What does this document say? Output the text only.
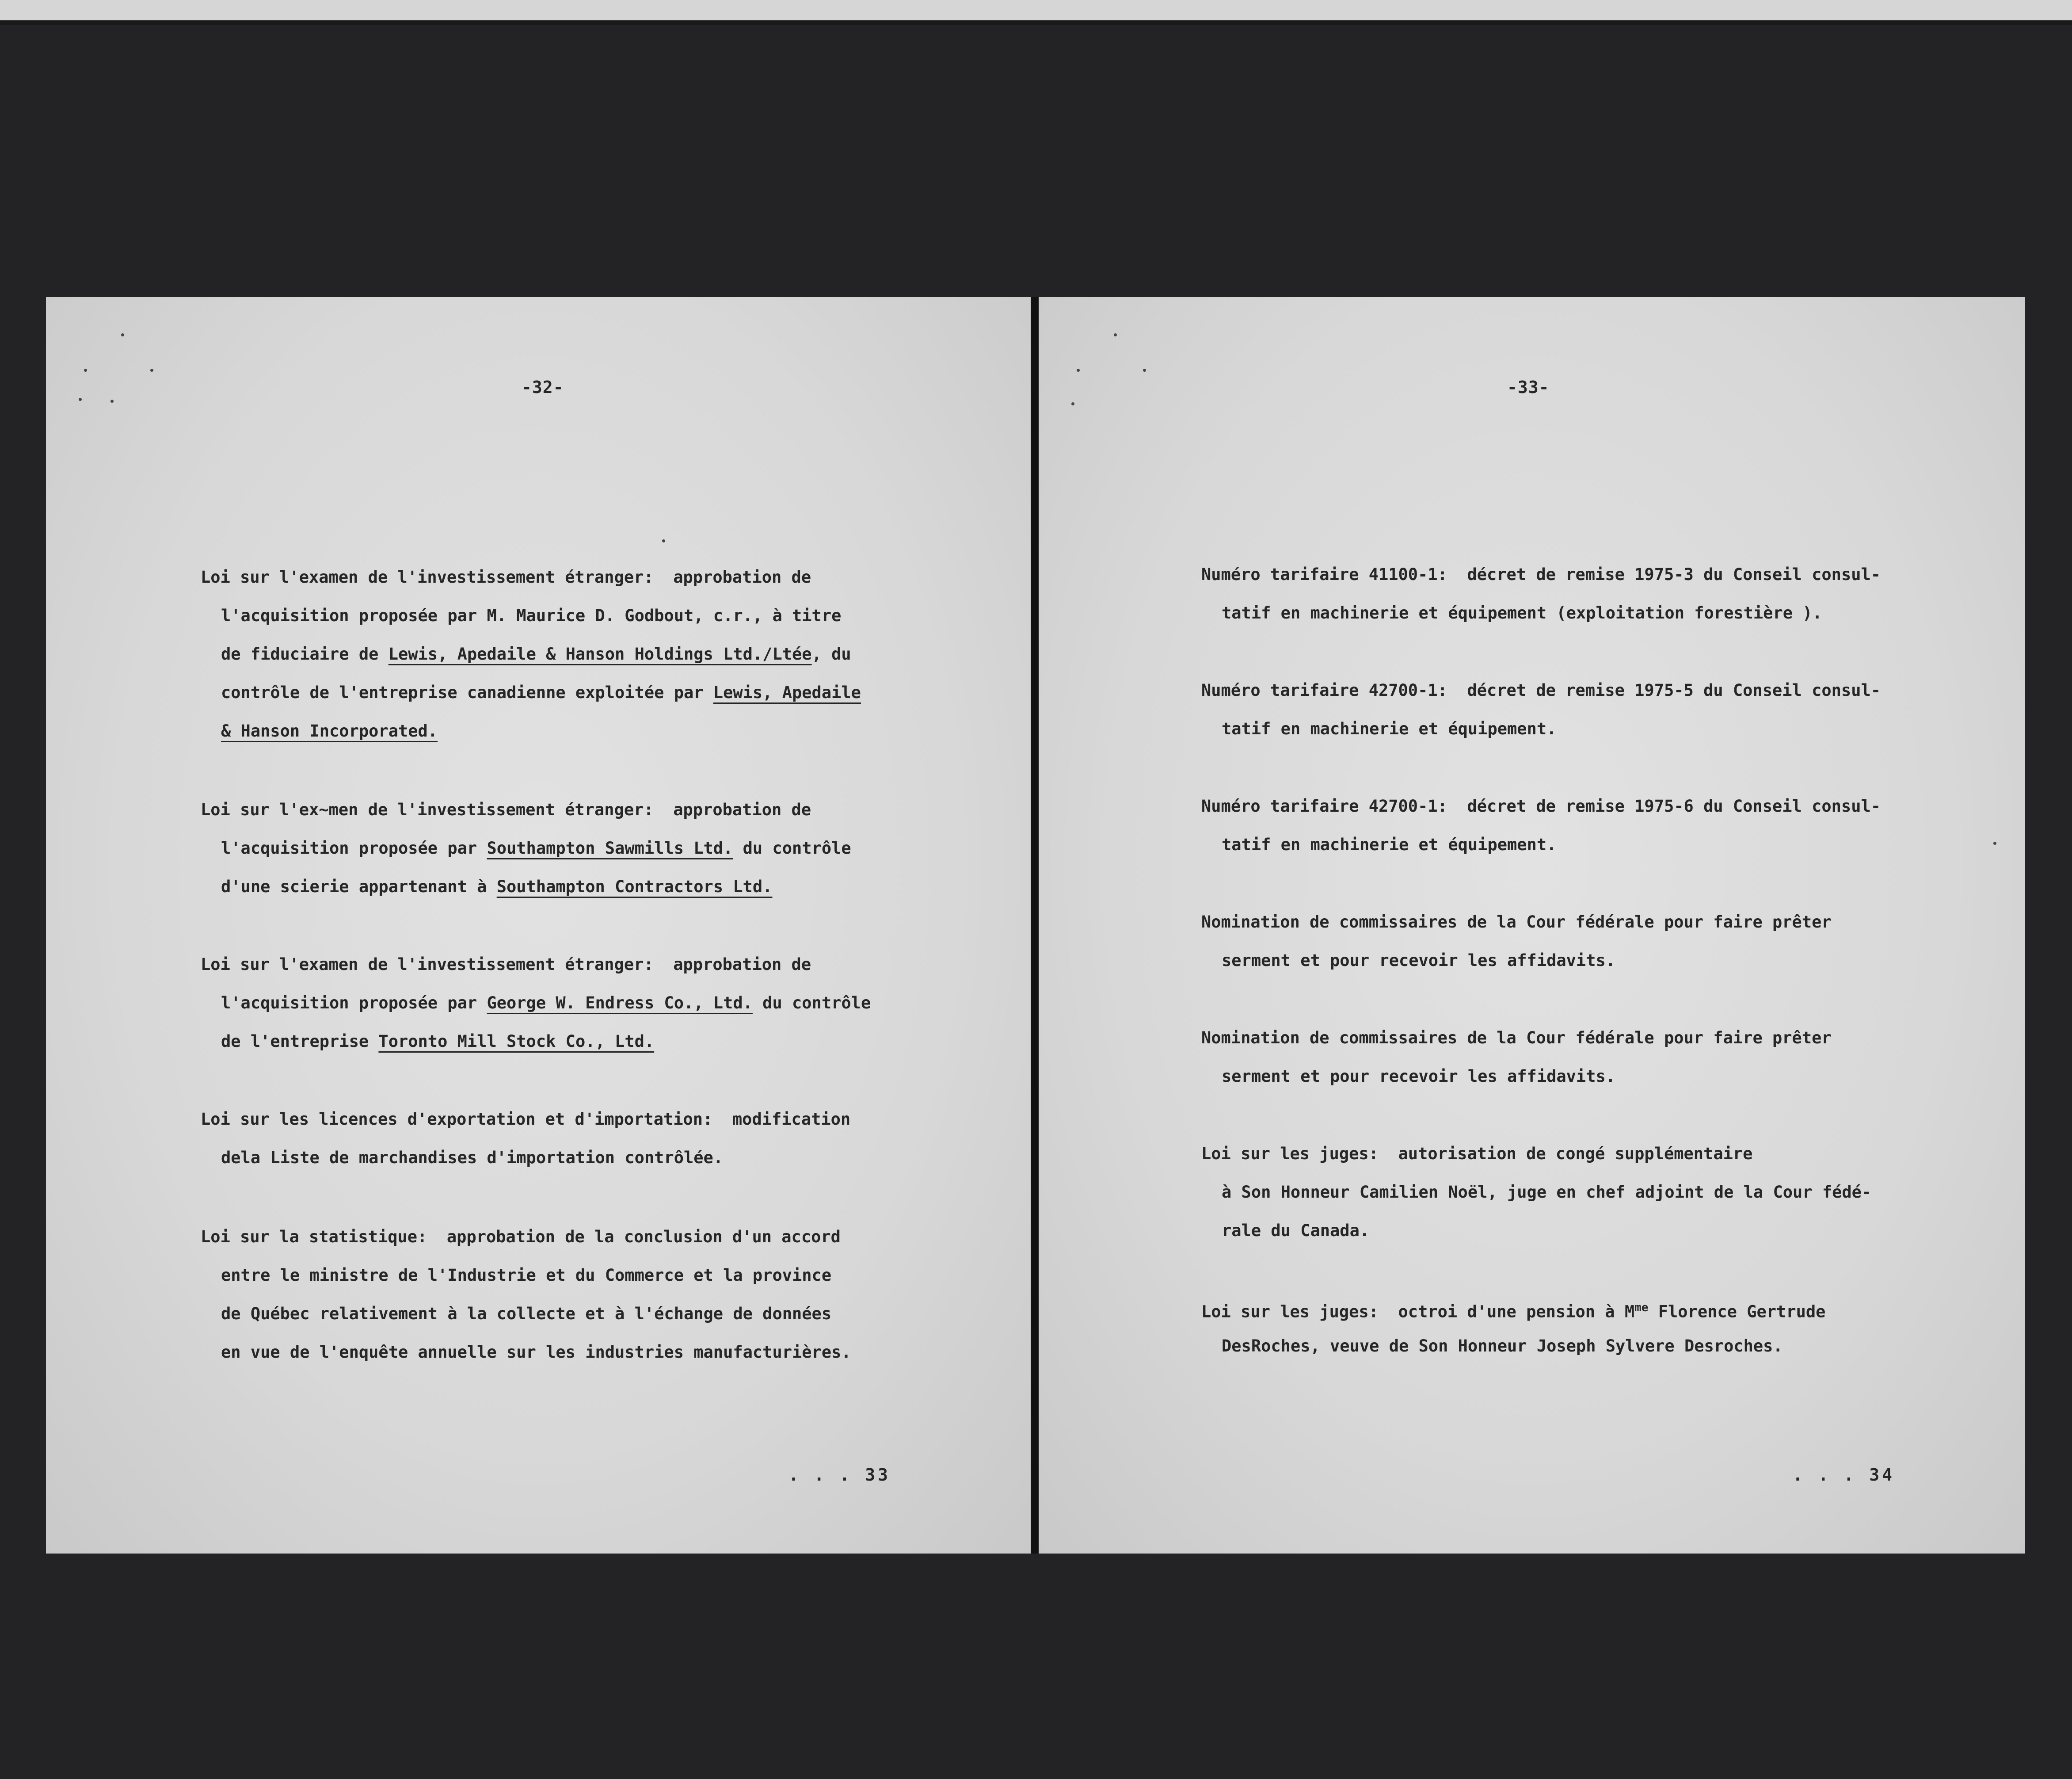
-32-
Loi sur l'examen de l'investissement étranger:  approbation de
l'acquisition proposée par M. Maurice D. Godbout, c.r., à titre
de fiduciaire de Lewis, Apedaile & Hanson Holdings Ltd./Ltée, du
contrôle de l'entreprise canadienne exploitée par Lewis, Apedaile
& Hanson Incorporated.
Loi sur l'ex~men de l'investissement étranger:  approbation de
l'acquisition proposée par Southampton Sawmills Ltd. du contrôle
d'une scierie appartenant à Southampton Contractors Ltd.
Loi sur l'examen de l'investissement étranger:  approbation de
l'acquisition proposée par George W. Endress Co., Ltd. du contrôle
de l'entreprise Toronto Mill Stock Co., Ltd.
Loi sur les licences d'exportation et d'importation:  modification
dela Liste de marchandises d'importation contrôlée.
Loi sur la statistique:  approbation de la conclusion d'un accord
entre le ministre de l'Industrie et du Commerce et la province
de Québec relativement à la collecte et à l'échange de données
en vue de l'enquête annuelle sur les industries manufacturières.
. . . 33
-33-
Numéro tarifaire 41100-1:  décret de remise 1975-3 du Conseil consul-
tatif en machinerie et équipement (exploitation forestière ).
Numéro tarifaire 42700-1:  décret de remise 1975-5 du Conseil consul-
tatif en machinerie et équipement.
Numéro tarifaire 42700-1:  décret de remise 1975-6 du Conseil consul-
tatif en machinerie et équipement.
Nomination de commissaires de la Cour fédérale pour faire prêter
serment et pour recevoir les affidavits.
Nomination de commissaires de la Cour fédérale pour faire prêter
serment et pour recevoir les affidavits.
Loi sur les juges:  autorisation de congé supplémentaire
à Son Honneur Camilien Noël, juge en chef adjoint de la Cour fédé-
rale du Canada.
Loi sur les juges:  octroi d'une pension à $M^{me}$ Florence Gertrude
DesRoches, veuve de Son Honneur Joseph Sylvere Desroches.
. . . 34
